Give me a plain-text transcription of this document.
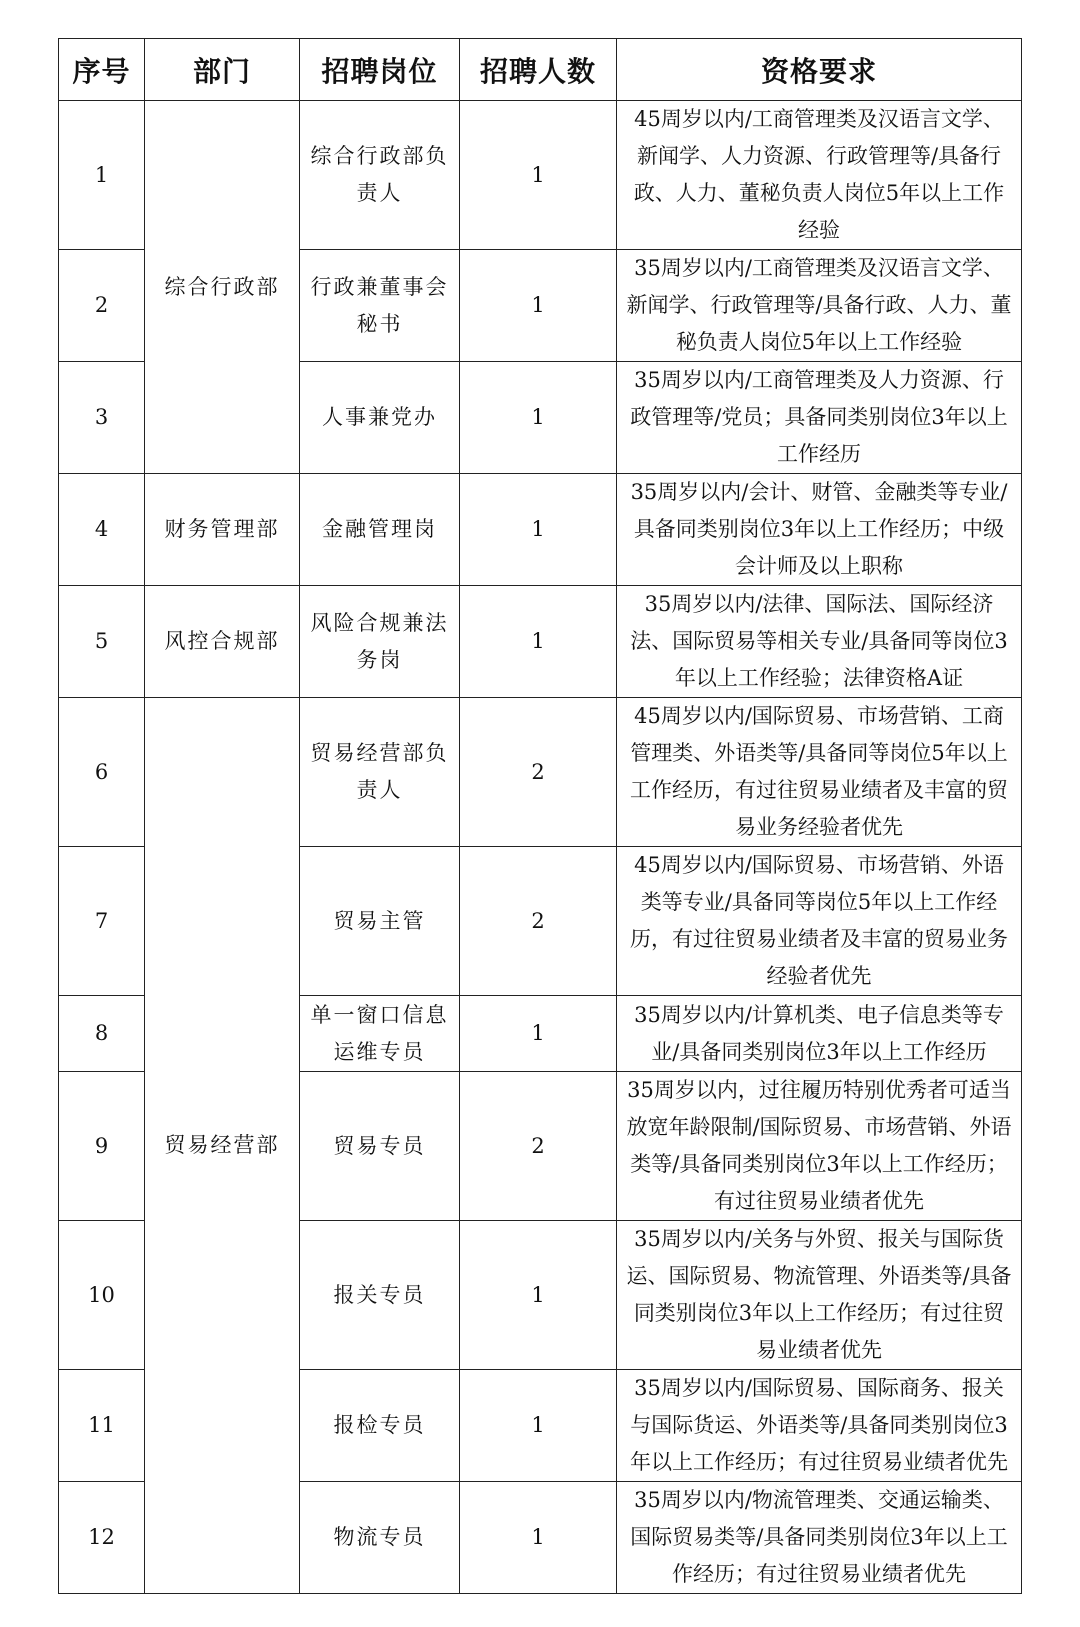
序号	部门	招聘岗位	招聘人数	资格要求
1	综合行政部	综合行政部负责人	1	45周岁以内/工商管理类及汉语言文学、新闻学、人力资源、行政管理等/具备行政、人力、董秘负责人岗位5年以上工作经验
2		行政兼董事会秘书	1	35周岁以内/工商管理类及汉语言文学、新闻学、行政管理等/具备行政、人力、董秘负责人岗位5年以上工作经验
3		人事兼党办	1	35周岁以内/工商管理类及人力资源、行政管理等/党员；具备同类别岗位3年以上工作经历
4	财务管理部	金融管理岗	1	35周岁以内/会计、财管、金融类等专业/具备同类别岗位3年以上工作经历；中级会计师及以上职称
5	风控合规部	风险合规兼法务岗	1	35周岁以内/法律、国际法、国际经济法、国际贸易等相关专业/具备同等岗位3年以上工作经验；法律资格A证
6	贸易经营部	贸易经营部负责人	2	45周岁以内/国际贸易、市场营销、工商管理类、外语类等/具备同等岗位5年以上工作经历，有过往贸易业绩者及丰富的贸易业务经验者优先
7		贸易主管	2	45周岁以内/国际贸易、市场营销、外语类等专业/具备同等岗位5年以上工作经历，有过往贸易业绩者及丰富的贸易业务经验者优先
8		单一窗口信息运维专员	1	35周岁以内/计算机类、电子信息类等专业/具备同类别岗位3年以上工作经历
9		贸易专员	2	35周岁以内，过往履历特别优秀者可适当放宽年龄限制/国际贸易、市场营销、外语类等/具备同类别岗位3年以上工作经历；有过往贸易业绩者优先
10		报关专员	1	35周岁以内/关务与外贸、报关与国际货运、国际贸易、物流管理、外语类等/具备同类别岗位3年以上工作经历；有过往贸易业绩者优先
11		报检专员	1	35周岁以内/国际贸易、国际商务、报关与国际货运、外语类等/具备同类别岗位3年以上工作经历；有过往贸易业绩者优先
12		物流专员	1	35周岁以内/物流管理类、交通运输类、国际贸易类等/具备同类别岗位3年以上工作经历；有过往贸易业绩者优先
